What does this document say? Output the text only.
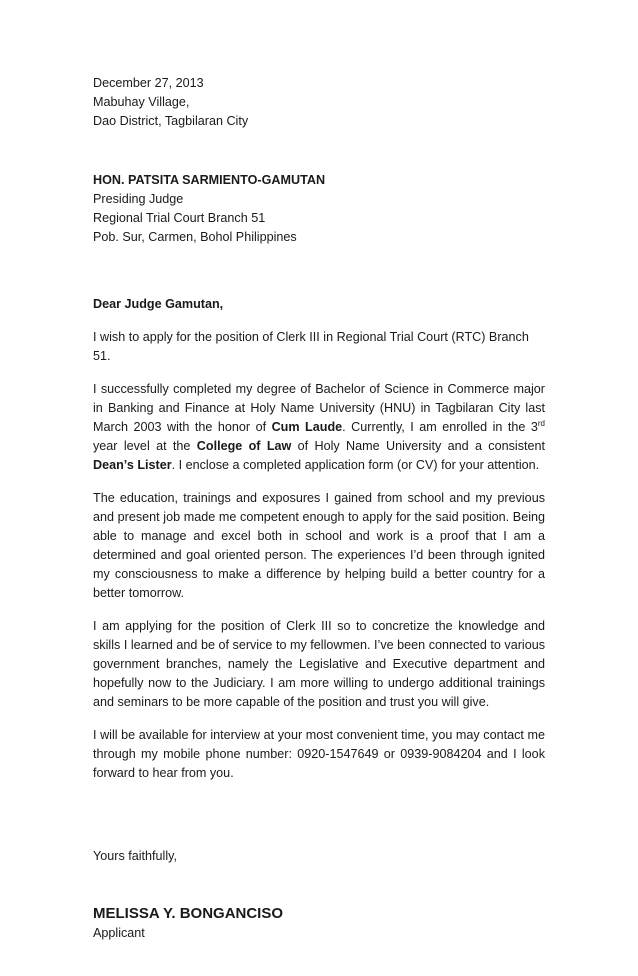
December 27, 2013
Mabuhay Village,
Dao District, Tagbilaran City
HON. PATSITA SARMIENTO-GAMUTAN
Presiding Judge
Regional Trial Court Branch 51
Pob. Sur, Carmen, Bohol Philippines
Dear Judge Gamutan,

I wish to apply for the position of Clerk III in Regional Trial Court (RTC) Branch 51.

I successfully completed my degree of Bachelor of Science in Commerce major in Banking and Finance at Holy Name University (HNU) in Tagbilaran City last March 2003 with the honor of Cum Laude. Currently, I am enrolled in the 3rd year level at the College of Law of Holy Name University and a consistent Dean’s Lister. I enclose a completed application form (or CV) for your attention.

The education, trainings and exposures I gained from school and my previous and present job made me competent enough to apply for the said position. Being able to manage and excel both in school and work is a proof that I am a determined and goal oriented person. The experiences I’d been through ignited my consciousness to make a difference by helping build a better country for a better tomorrow.

I am applying for the position of Clerk III so to concretize the knowledge and skills I learned and be of service to my fellowmen. I’ve been connected to various government branches, namely the Legislative and Executive department and hopefully now to the Judiciary. I am more willing to undergo additional trainings and seminars to be more capable of the position and trust you will give.

I will be available for interview at your most convenient time, you may contact me through my mobile phone number: 0920-1547649 or 0939-9084204 and I look forward to hear from you.

Yours faithfully,
MELISSA Y. BONGANCISO
Applicant
